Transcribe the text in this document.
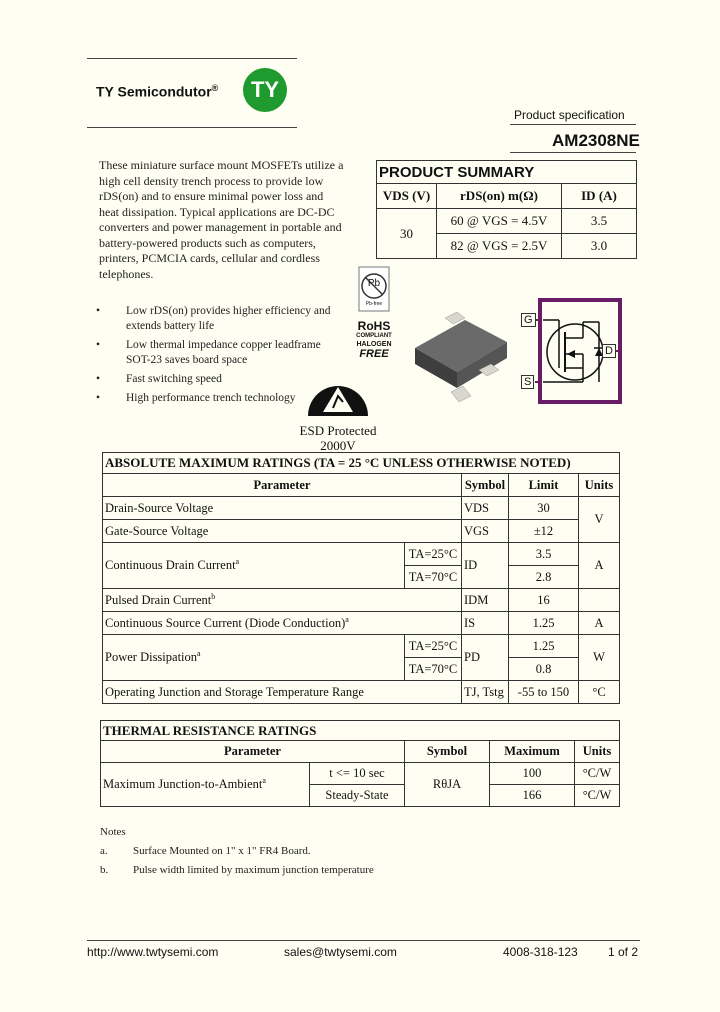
TY Semicondutor® TY
Product specification
AM2308NE
These miniature surface mount MOSFETs utilize a high cell density trench process to provide low rDS(on) and to ensure minimal power loss and heat dissipation. Typical applications are DC-DC converters and power management in portable and battery-powered products such as computers, printers, PCMCIA cards, cellular and cordless telephones.
• Low rDS(on) provides higher efficiency and extends battery life
• Low thermal impedance copper leadframe SOT-23 saves board space
• Fast switching speed
• High performance trench technology
PRODUCT SUMMARY		
VDS (V)	rDS(on) m(Ω)	ID (A)
30	60 @ VGS = 4.5V	3.5
	82 @ VGS = 2.5V	3.0
Pb
Pb-free
RoHS
COMPLIANT
HALOGEN
FREE
G
D
S
ESD Protected
2000V
ABSOLUTE MAXIMUM RATINGS (TA = 25 °C UNLESS OTHERWISE NOTED)				
Parameter		Symbol	Limit	Units
Drain-Source Voltage		VDS	30	V
Gate-Source Voltage		VGS	±12	
Continuous Drain Current$^a$	TA=25°C	ID	3.5	A
	TA=70°C		2.8	
Pulsed Drain Current$^b$		IDM	16	
Continuous Source Current (Diode Conduction)$^a$		IS	1.25	A
Power Dissipation$^a$	TA=25°C	PD	1.25	W
	TA=70°C		0.8	
Operating Junction and Storage Temperature Range		TJ, Tstg	-55 to 150	°C
THERMAL RESISTANCE RATINGS				
Parameter		Symbol	Maximum	Units
Maximum Junction-to-Ambient$^a$	t <= 10 sec	RθJA	100	°C/W
	Steady-State		166	°C/W
Notes
a. Surface Mounted on 1" x 1" FR4 Board.
b. Pulse width limited by maximum junction temperature
http://www.twtysemi.com	sales@twtysemi.com	4008-318-123	1 of 2
